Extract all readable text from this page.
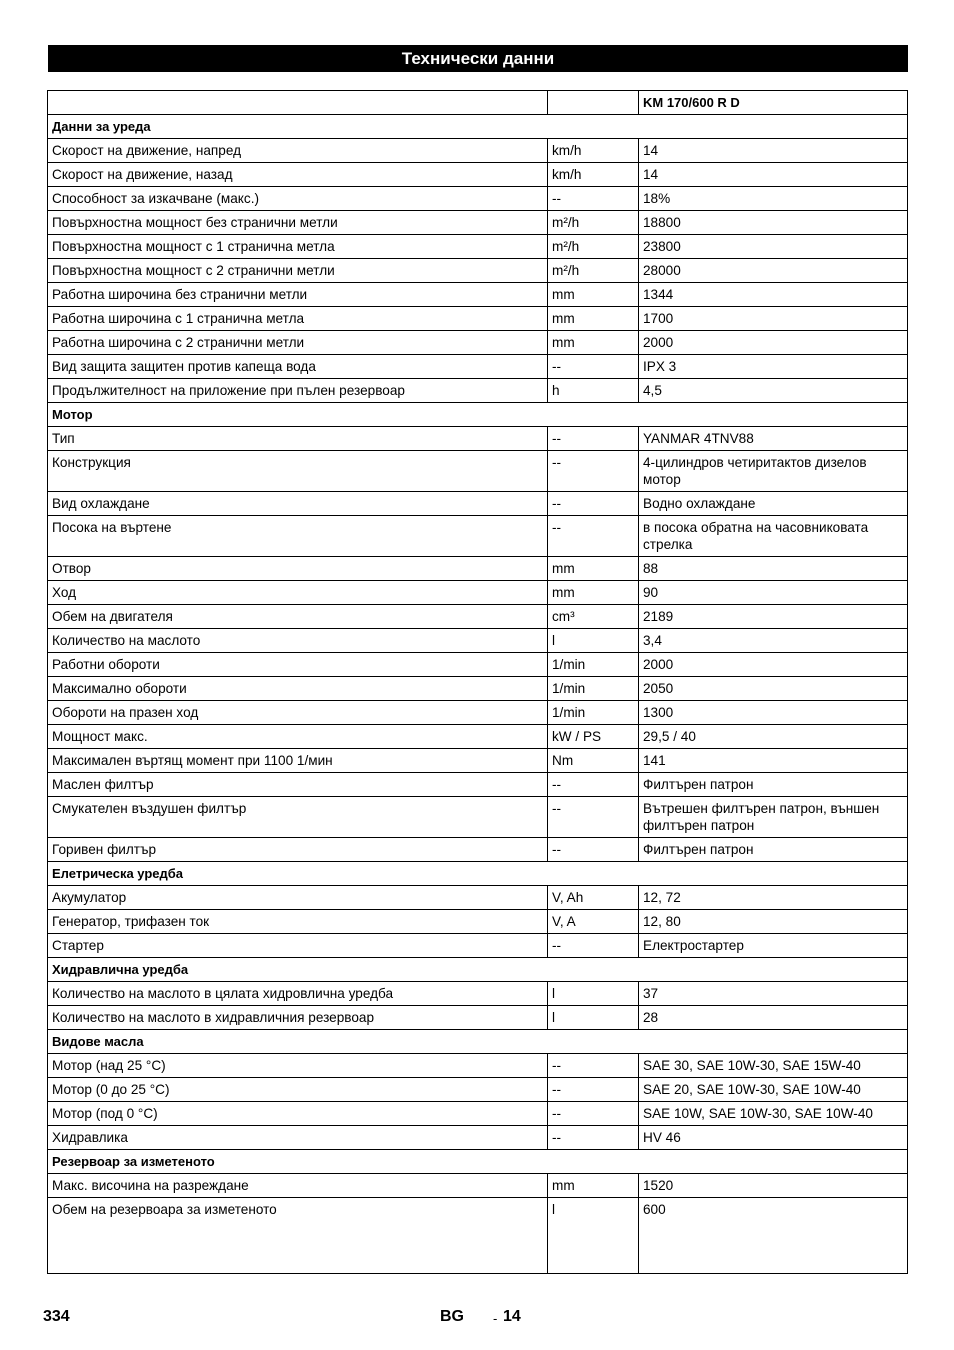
Технически данни
		KM 170/600 R D
Данни за уреда		
Скорост на движение, напред	km/h	14
Скорост на движение, назад	km/h	14
Способност за изкачване (макс.)	--	18%
Повърхностна мощност без странични метли	m²/h	18800
Повърхностна мощност с 1 странична метла	m²/h	23800
Повърхностна мощност с 2 странични метли	m²/h	28000
Работна широчина без странични метли	mm	1344
Работна широчина с 1 странична метла	mm	1700
Работна широчина с 2 странични метли	mm	2000
Вид защита защитен против капеща вода	--	IPX 3
Продължителност на приложение при пълен резервоар	h	4,5
Мотор		
Тип	--	YANMAR 4TNV88
Конструкция	--	4-цилиндров четиритактов дизелов мотор
Вид охлаждане	--	Водно охлаждане
Посока на въртене	--	в посока обратна на часовниковата стрелка
Отвор	mm	88
Ход	mm	90
Обем на двигателя	cm³	2189
Количество на маслото	l	3,4
Работни обороти	1/min	2000
Максимално обороти	1/min	2050
Обороти на празен ход	1/min	1300
Мощност макс.	kW / PS	29,5 / 40
Максимален въртящ момент при 1100 1/мин	Nm	141
Маслен филтър	--	Филтърен патрон
Смукателен въздушен филтър	--	Вътрешен филтърен патрон, външен филтърен патрон
Горивен филтър	--	Филтърен патрон
Елетрическа уредба		
Акумулатор	V, Ah	12, 72
Генератор, трифазен ток	V, A	12, 80
Стартер	--	Електростартер
Хидравлична уредба		
Количество на маслото в цялата хидровлична уредба	l	37
Количество на маслото в хидравличния резервоар	l	28
Видове масла		
Мотор (над 25 °C)	--	SAE 30, SAE 10W-30, SAE 15W-40
Мотор (0 до 25 °C)	--	SAE 20, SAE 10W-30, SAE 10W-40
Мотор (под 0 °C)	--	SAE 10W, SAE 10W-30, SAE 10W-40
Хидравлика	--	HV 46
Резервоар за изметеното		
Макс. височина на разреждане	mm	1520
Обем на резервоара за изметеното	l	600
334	BG - 14
